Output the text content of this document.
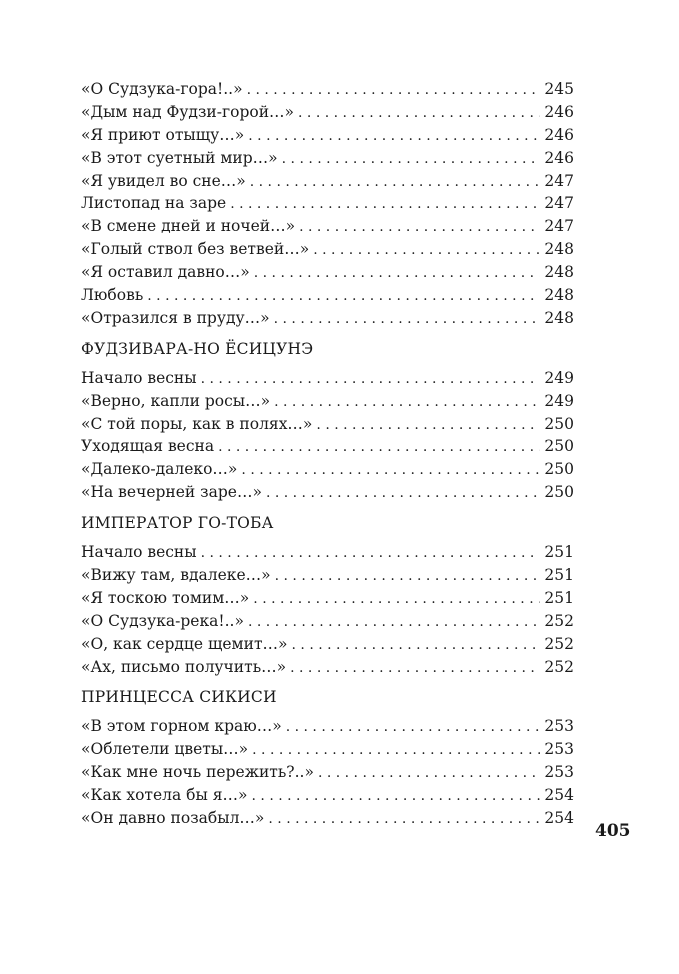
«О Судзука-гора!..» . . .	245
«Дым над Фудзи-горой…» . . .	246
«Я приют отыщу…» . . .	246
«В этот суетный мир…» . . .	246
«Я увидел во сне…» . . .	247
Листопад на заре . . .	247
«В смене дней и ночей…» . . .	247
«Голый ствол без ветвей…» . . .	248
«Я оставил давно…» . . .	248
Любовь . . .	248
«Отразился в пруду…» . . .	248
ФУДЗИВАРА-НО ЁСИЦУНЭ
Начало весны . . .	249
«Верно, капли росы…» . . .	249
«С той поры, как в полях…» . . .	250
Уходящая весна . . .	250
«Далеко-далеко…» . . .	250
«На вечерней заре…» . . .	250
ИМПЕРАТОР ГО-ТОБА
Начало весны . . .	251
«Вижу там, вдалеке…» . . .	251
«Я тоскою томим…» . . .	251
«О Судзука-река!..» . . .	252
«О, как сердце щемит…» . . .	252
«Ах, письмо получить…» . . .	252
ПРИНЦЕССА СИКИСИ
«В этом горном краю…» . . .	253
«Облетели цветы…» . . .	253
«Как мне ночь пережить?..» . . .	253
«Как хотела бы я…» . . .	254
«Он давно позабыл…» . . .	254
405
